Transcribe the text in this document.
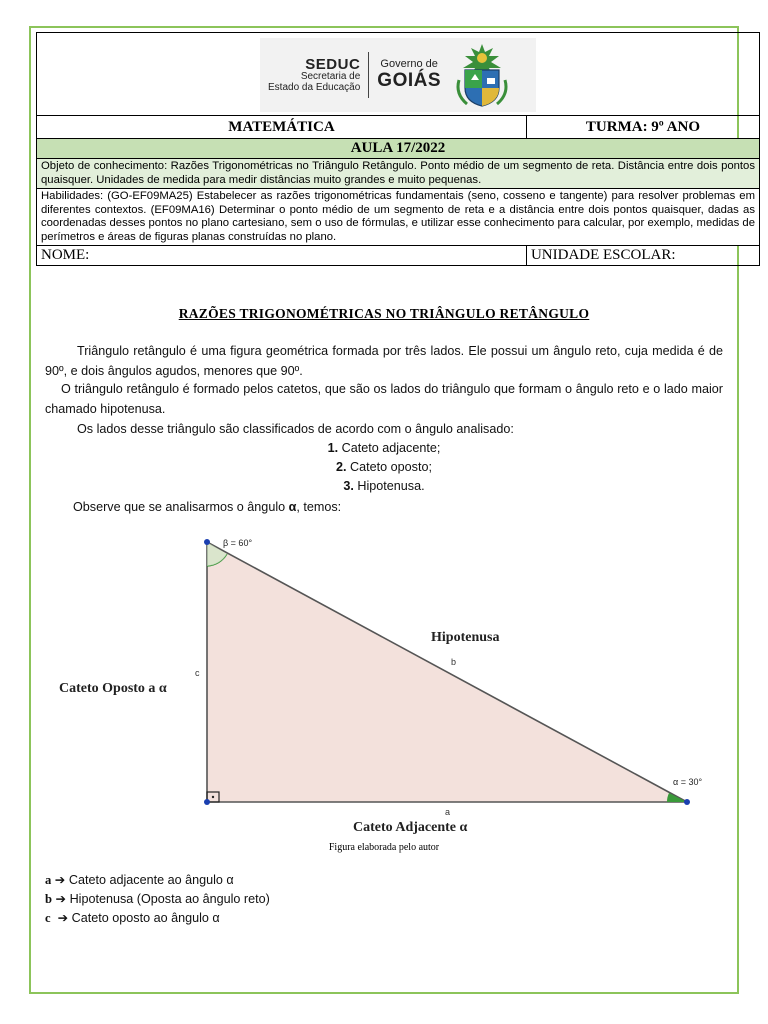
SEDUC
Secretaria de
Estado da Educação
Governo de
GOIÁS	

MATEMÁTICA	TURMA: 9º ANO
AULA 17/2022	
Objeto de conhecimento: Razões Trigonométricas no Triângulo Retângulo. Ponto médio de um segmento de reta. Distância entre dois pontos quaisquer. Unidades de medida para medir distâncias muito grandes e muito pequenas.	
Habilidades: (GO-EF09MA25) Estabelecer as razões trigonométricas fundamentais (seno, cosseno e tangente) para resolver problemas em diferentes contextos. (EF09MA16) Determinar o ponto médio de um segmento de reta e a distância entre dois pontos quaisquer, dadas as coordenadas desses pontos no plano cartesiano, sem o uso de fórmulas, e utilizar esse conhecimento para calcular, por exemplo, medidas de perímetros e áreas de figuras planas construídas no plano.	
NOME:	UNIDADE ESCOLAR:
RAZÕES TRIGONOMÉTRICAS NO TRIÂNGULO RETÂNGULO

Triângulo retângulo é uma figura geométrica formada por três lados. Ele possui um ângulo reto, cuja medida é de 90º, e dois ângulos agudos, menores que 90º.

O triângulo retângulo é formado pelos catetos, que são os lados do triângulo que formam o ângulo reto e o lado maior chamado hipotenusa.

Os lados desse triângulo são classificados de acordo com o ângulo analisado:

1. Cateto adjacente;
2. Cateto oposto;
3. Hipotenusa.

Observe que se analisarmos o ângulo α, temos:

β = 60°
α = 30°
Hipotenusa
b
c
a
Cateto Oposto a α
Cateto Adjacente α
Figura elaborada pelo autor
a ➔ Cateto adjacente ao ângulo α
b ➔ Hipotenusa (Oposta ao ângulo reto)
c ➔ Cateto oposto ao ângulo α
